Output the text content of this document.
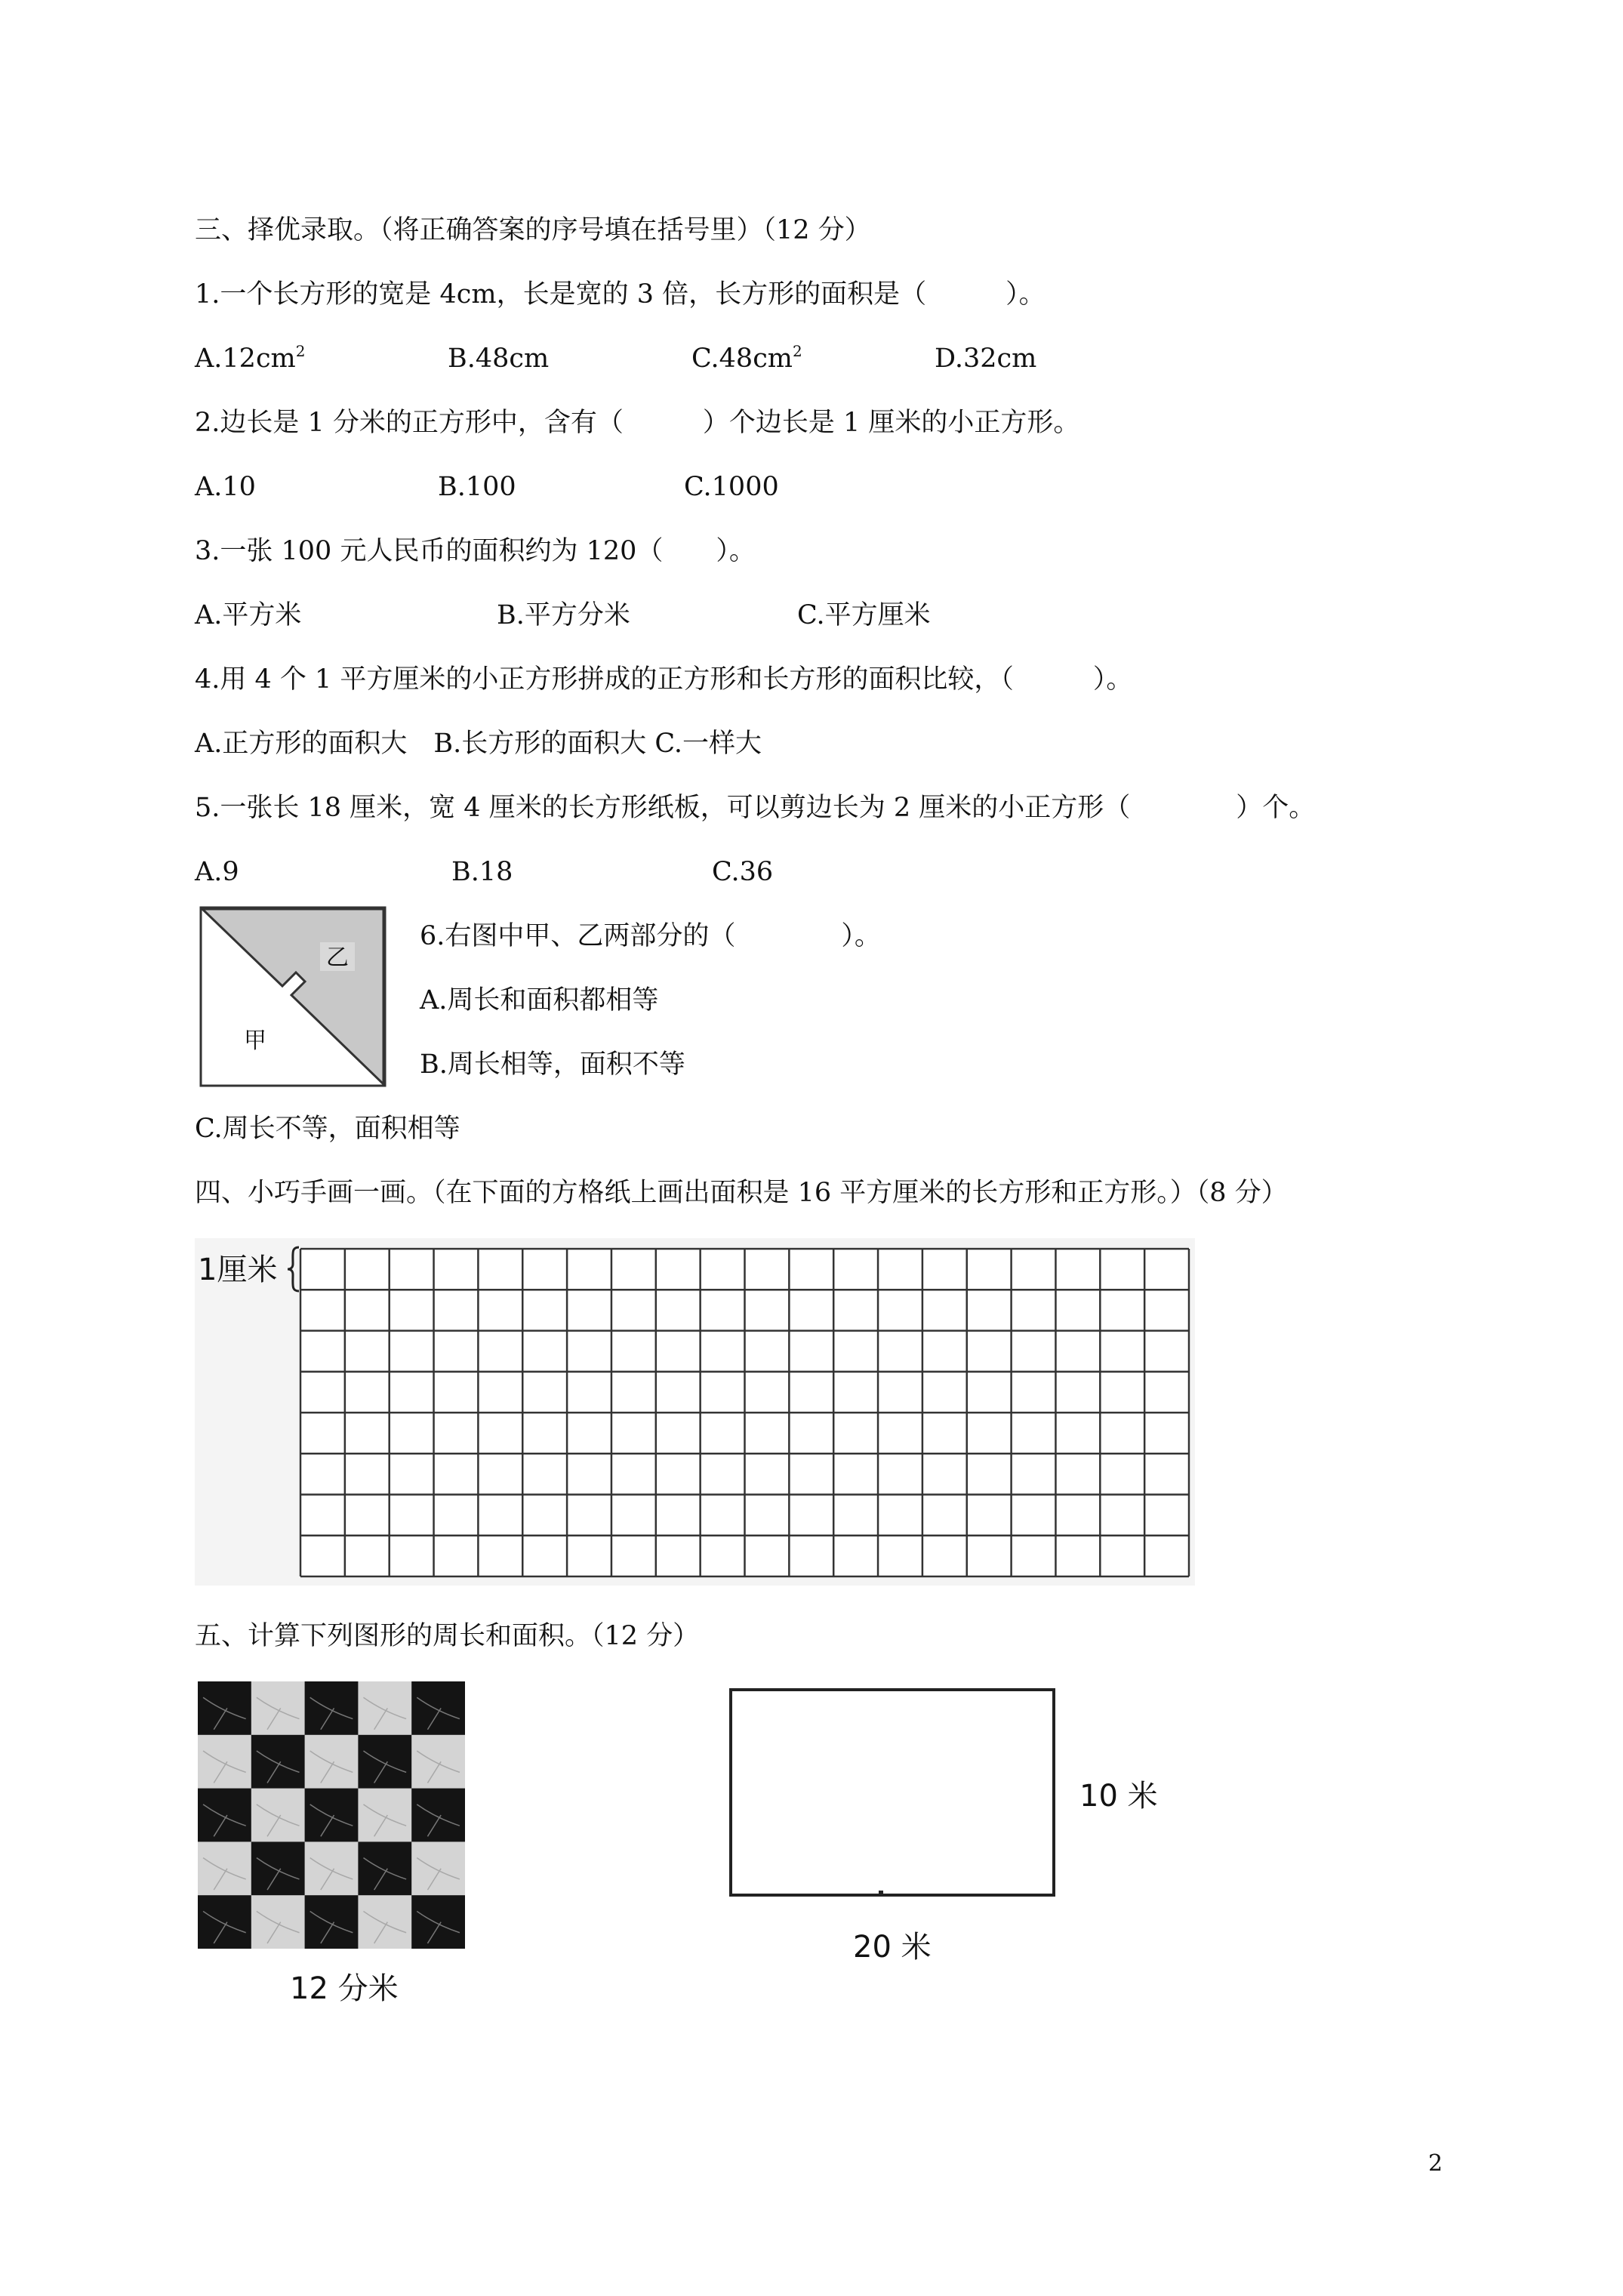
三、择优录取。（将正确答案的序号填在括号里）（12 分）
1.一个长方形的宽是 4cm，长是宽的 3 倍，长方形的面积是（　　　）。
$A.12cm^2$	B.48cm	$C.48cm^2$	D.32cm
2.边长是 1 分米的正方形中，含有（　　　）个边长是 1 厘米的小正方形。
A.10	B.100	C.1000
3.一张 100 元人民币的面积约为 120（　　）。
A.平方米	B.平方分米	C.平方厘米
4.用 4 个 1 平方厘米的小正方形拼成的正方形和长方形的面积比较，（　　　）。
A.正方形的面积大　B.长方形的面积大 C.一样大
5.一张长 18 厘米，宽 4 厘米的长方形纸板，可以剪边长为 2 厘米的小正方形（　　　　）个。
A.9	B.18	C.36
乙
甲
6.右图中甲、乙两部分的（　　　　）。
A.周长和面积都相等
B.周长相等，面积不等
C.周长不等，面积相等
四、小巧手画一画。（在下面的方格纸上画出面积是 16 平方厘米的长方形和正方形。）（8 分）
1厘米
五、计算下列图形的周长和面积。（12 分）
12 分米
10 米
20 米
2
